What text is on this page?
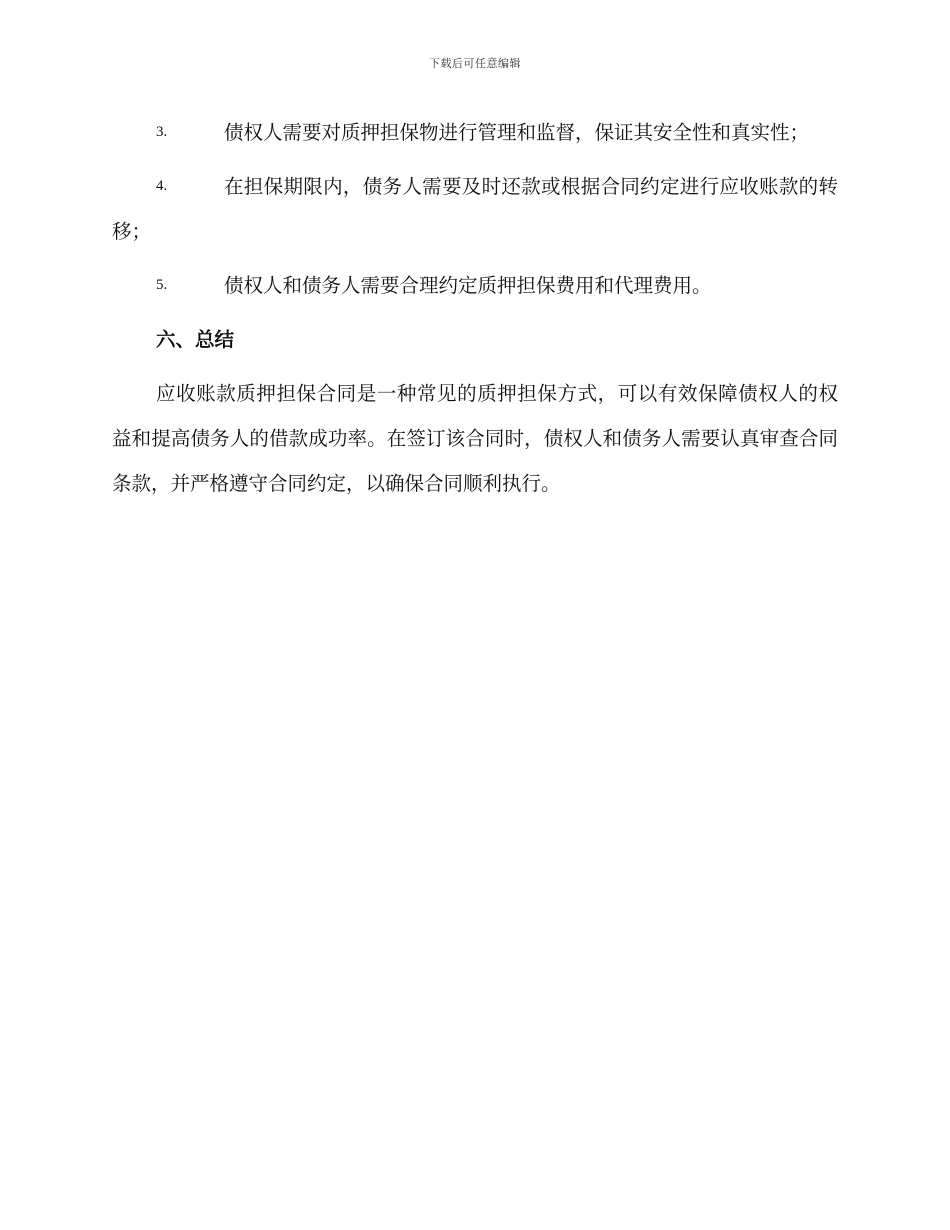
下载后可任意编辑
3.	债权人需要对质押担保物进行管理和监督，保证其安全性和真实性；
4.	在担保期限内，债务人需要及时还款或根据合同约定进行应收账款的转移；
5.	债权人和债务人需要合理约定质押担保费用和代理费用。
六、总结
应收账款质押担保合同是一种常见的质押担保方式，可以有效保障债权人的权益和提高债务人的借款成功率。在签订该合同时，债权人和债务人需要认真审查合同条款，并严格遵守合同约定，以确保合同顺利执行。
